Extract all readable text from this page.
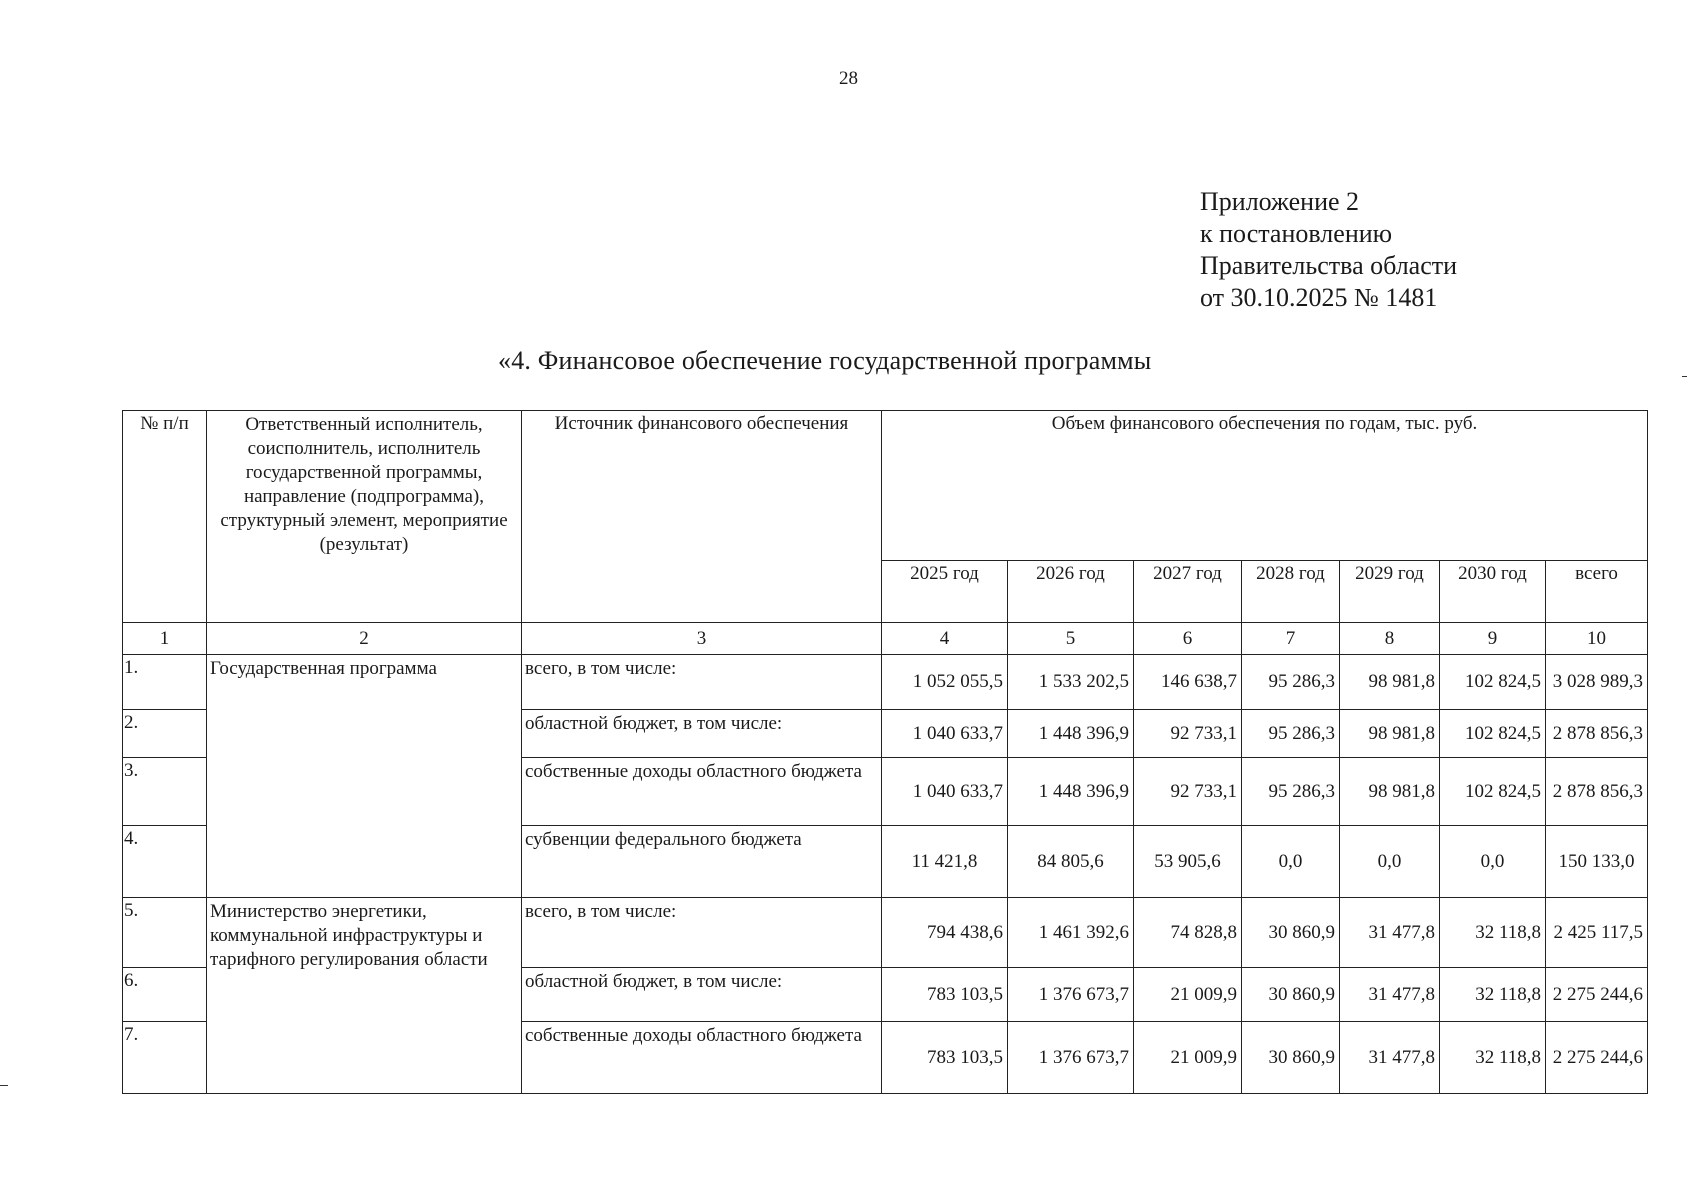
28
Приложение 2
к постановлению
Правительства области
от 30.10.2025 № 1481
«4. Финансовое обеспечение государственной программы
№ п/п	Ответственный исполнитель, соисполнитель, исполнитель государственной программы, направление (подпрограмма), структурный элемент, мероприятие (результат)	Источник финансового обеспечения	Объем финансового обеспечения по годам, тыс. руб.						
			2025 год	2026 год	2027 год	2028 год	2029 год	2030 год	всего
1	2	3	4	5	6	7	8	9	10
1.	Государственная программа	всего, в том числе:	1 052 055,5	1 533 202,5	146 638,7	95 286,3	98 981,8	102 824,5	3 028 989,3
2.		областной бюджет, в том числе:	1 040 633,7	1 448 396,9	92 733,1	95 286,3	98 981,8	102 824,5	2 878 856,3
3.		собственные доходы областного бюджета	1 040 633,7	1 448 396,9	92 733,1	95 286,3	98 981,8	102 824,5	2 878 856,3
4.		субвенции федерального бюджета	11 421,8	84 805,6	53 905,6	0,0	0,0	0,0	150 133,0
5.	Министерство энергетики, коммунальной инфраструктуры и тарифного регулирования области	всего, в том числе:	794 438,6	1 461 392,6	74 828,8	30 860,9	31 477,8	32 118,8	2 425 117,5
6.		областной бюджет, в том числе:	783 103,5	1 376 673,7	21 009,9	30 860,9	31 477,8	32 118,8	2 275 244,6
7.		собственные доходы областного бюджета	783 103,5	1 376 673,7	21 009,9	30 860,9	31 477,8	32 118,8	2 275 244,6
